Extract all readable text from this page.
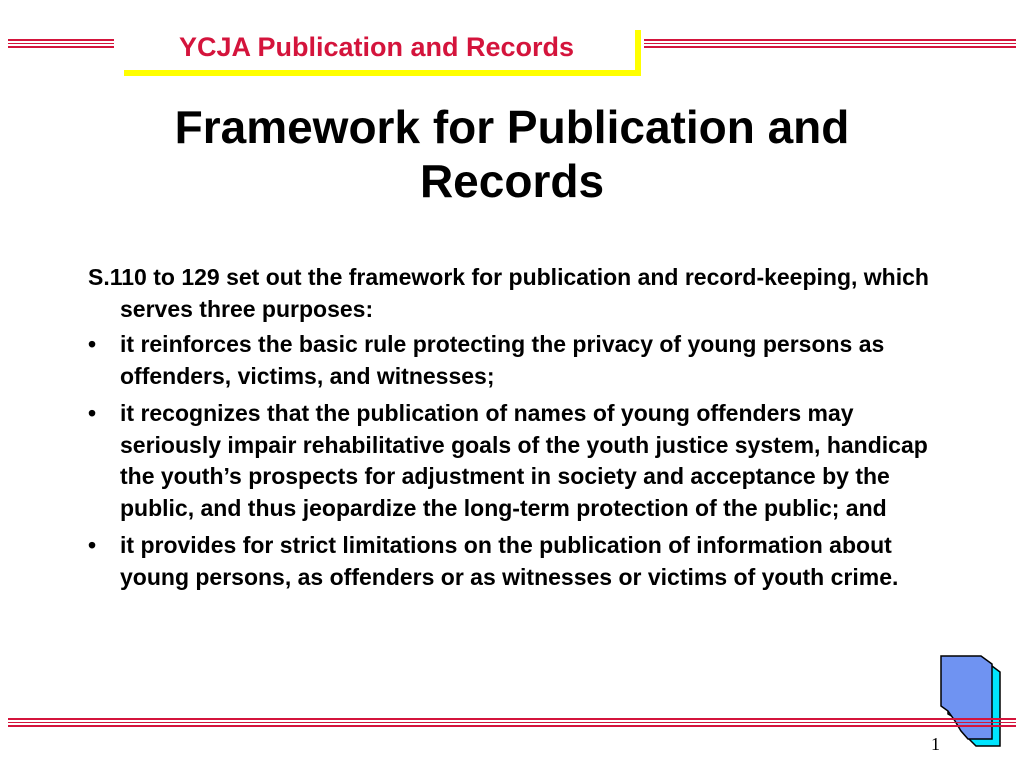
YCJA Publication and Records
Framework for Publication and
Records
S.110 to 129 set out the framework for publication and record-keeping, which serves three purposes:
• it reinforces the basic rule protecting the privacy of young persons as offenders, victims, and witnesses;
• it recognizes that the publication of names of young offenders may seriously impair rehabilitative goals of the youth justice system, handicap the youth’s prospects for adjustment in society and acceptance by the public, and thus jeopardize the long-term protection of the public; and
• it provides for strict limitations on the publication of information about young persons, as offenders or as witnesses or victims of youth crime.
1
